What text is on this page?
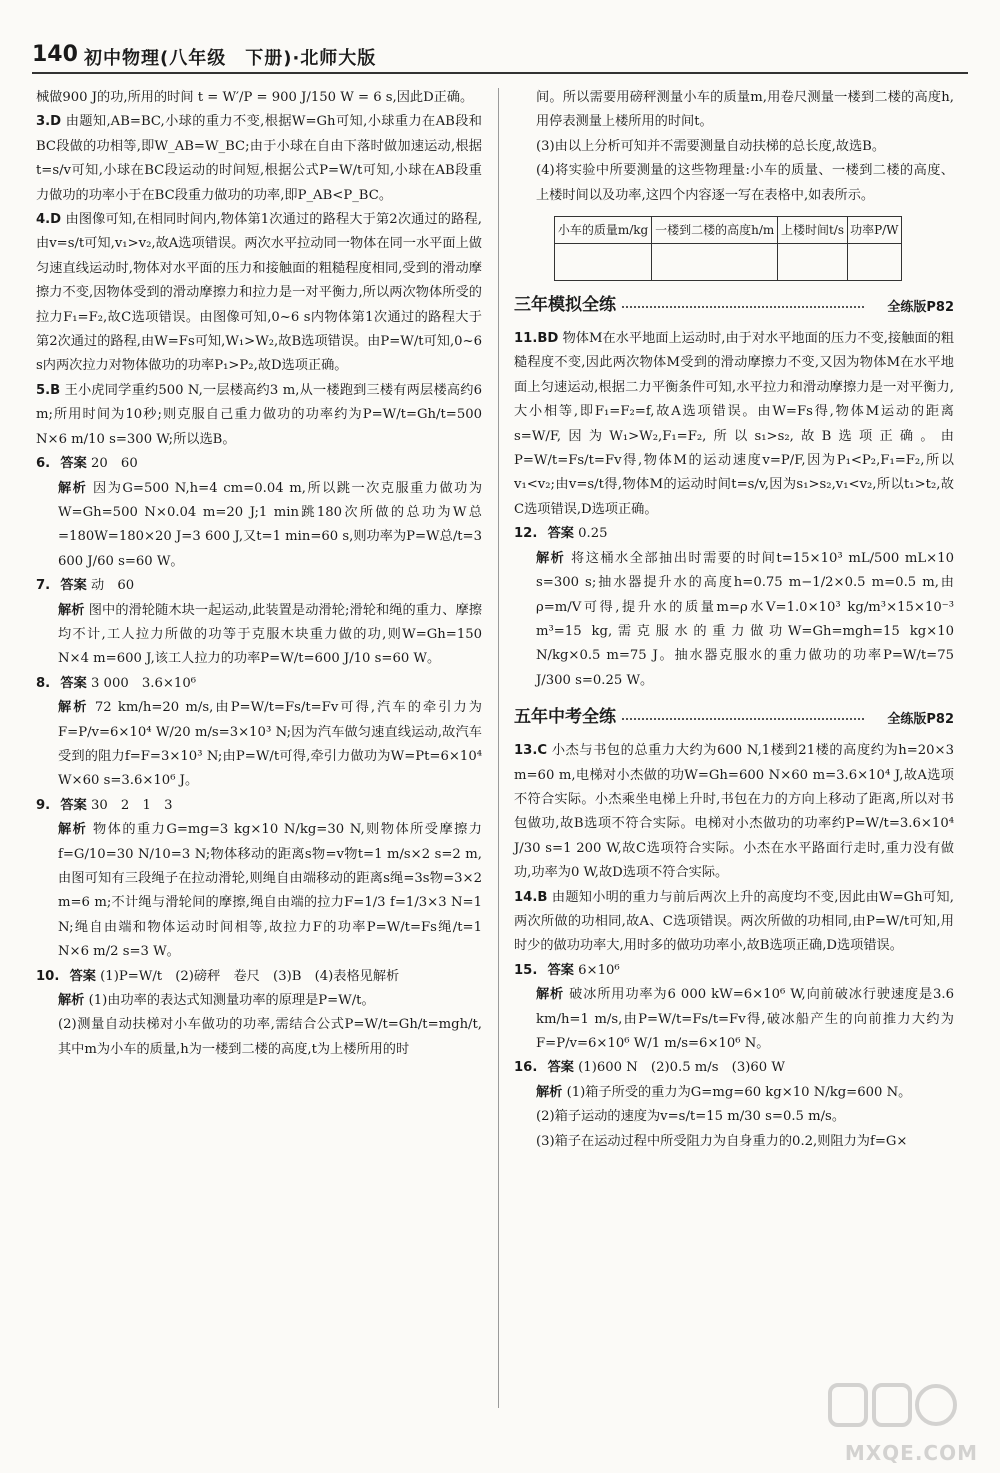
140 初中物理(八年级　下册)·北师大版

械做900 J的功,所用的时间 t = W′/P = 900 J/150 W = 6 s,因此D正确。

3.D 由题知,AB=BC,小球的重力不变,根据W=Gh可知,小球重力在AB段和BC段做的功相等,即W_AB=W_BC;由于小球在自由下落时做加速运动,根据t=s/v可知,小球在BC段运动的时间短,根据公式P=W/t可知,小球在AB段重力做功的功率小于在BC段重力做功的功率,即P_AB<P_BC。

4.D 由图像可知,在相同时间内,物体第1次通过的路程大于第2次通过的路程,由v=s/t可知,v₁>v₂,故A选项错误。两次水平拉动同一物体在同一水平面上做匀速直线运动时,物体对水平面的压力和接触面的粗糙程度相同,受到的滑动摩擦力不变,因物体受到的滑动摩擦力和拉力是一对平衡力,所以两次物体所受的拉力F₁=F₂,故C选项错误。由图像可知,0~6 s内物体第1次通过的路程大于第2次通过的路程,由W=Fs可知,W₁>W₂,故B选项错误。由P=W/t可知,0~6 s内两次拉力对物体做功的功率P₁>P₂,故D选项正确。

5.B 王小虎同学重约500 N,一层楼高约3 m,从一楼跑到三楼有两层楼高约6 m;所用时间为10秒;则克服自己重力做功的功率约为P=W/t=Gh/t=500 N×6 m/10 s=300 W;所以选B。

6. 答案 20　60

解析 因为G=500 N,h=4 cm=0.04 m,所以跳一次克服重力做功为W=Gh=500 N×0.04 m=20 J;1 min跳180次所做的总功为W总=180W=180×20 J=3 600 J,又t=1 min=60 s,则功率为P=W总/t=3 600 J/60 s=60 W。

7. 答案 动　60

解析 图中的滑轮随木块一起运动,此装置是动滑轮;滑轮和绳的重力、摩擦均不计,工人拉力所做的功等于克服木块重力做的功,则W=Gh=150 N×4 m=600 J,该工人拉力的功率P=W/t=600 J/10 s=60 W。

8. 答案 3 000　3.6×10⁶

解析 72 km/h=20 m/s,由P=W/t=Fs/t=Fv可得,汽车的牵引力为F=P/v=6×10⁴ W/20 m/s=3×10³ N;因为汽车做匀速直线运动,故汽车受到的阻力f=F=3×10³ N;由P=W/t可得,牵引力做功为W=Pt=6×10⁴ W×60 s=3.6×10⁶ J。

9. 答案 30　2　1　3

解析 物体的重力G=mg=3 kg×10 N/kg=30 N,则物体所受摩擦力f=G/10=30 N/10=3 N;物体移动的距离s物=v物t=1 m/s×2 s=2 m,由图可知有三段绳子在拉动滑轮,则绳自由端移动的距离s绳=3s物=3×2 m=6 m;不计绳与滑轮间的摩擦,绳自由端的拉力F=1/3 f=1/3×3 N=1 N;绳自由端和物体运动时间相等,故拉力F的功率P=W/t=Fs绳/t=1 N×6 m/2 s=3 W。

10. 答案 (1)P=W/t　(2)磅秤　卷尺　(3)B　(4)表格见解析

解析 (1)由功率的表达式知测量功率的原理是P=W/t。

(2)测量自动扶梯对小车做功的功率,需结合公式P=W/t=Gh/t=mgh/t,其中m为小车的质量,h为一楼到二楼的高度,t为上楼所用的时

间。所以需要用磅秤测量小车的质量m,用卷尺测量一楼到二楼的高度h,用停表测量上楼所用的时间t。

(3)由以上分析可知并不需要测量自动扶梯的总长度,故选B。

(4)将实验中所要测量的这些物理量:小车的质量、一楼到二楼的高度、上楼时间以及功率,这四个内容逐一写在表格中,如表所示。

小车的质量m/kg	一楼到二楼的高度h/m	上楼时间t/s	功率P/W

三年模拟全练	全练版P82

11.BD 物体M在水平地面上运动时,由于对水平地面的压力不变,接触面的粗糙程度不变,因此两次物体M受到的滑动摩擦力不变,又因为物体M在水平地面上匀速运动,根据二力平衡条件可知,水平拉力和滑动摩擦力是一对平衡力,大小相等,即F₁=F₂=f,故A选项错误。由W=Fs得,物体M运动的距离s=W/F,因为W₁>W₂,F₁=F₂,所以s₁>s₂,故B选项正确。由P=W/t=Fs/t=Fv得,物体M的运动速度v=P/F,因为P₁<P₂,F₁=F₂,所以v₁<v₂;由v=s/t得,物体M的运动时间t=s/v,因为s₁>s₂,v₁<v₂,所以t₁>t₂,故C选项错误,D选项正确。

12. 答案 0.25

解析 将这桶水全部抽出时需要的时间t=15×10³ mL/500 mL×10 s=300 s;抽水器提升水的高度h=0.75 m−1/2×0.5 m=0.5 m,由ρ=m/V可得,提升水的质量m=ρ水V=1.0×10³ kg/m³×15×10⁻³ m³=15 kg,需克服水的重力做功W=Gh=mgh=15 kg×10 N/kg×0.5 m=75 J。抽水器克服水的重力做功的功率P=W/t=75 J/300 s=0.25 W。

五年中考全练	全练版P82

13.C 小杰与书包的总重力大约为600 N,1楼到21楼的高度约为h=20×3 m=60 m,电梯对小杰做的功W=Gh=600 N×60 m=3.6×10⁴ J,故A选项不符合实际。小杰乘坐电梯上升时,书包在力的方向上移动了距离,所以对书包做功,故B选项不符合实际。电梯对小杰做功的功率约P=W/t=3.6×10⁴ J/30 s=1 200 W,故C选项符合实际。小杰在水平路面行走时,重力没有做功,功率为0 W,故D选项不符合实际。

14.B 由题知小明的重力与前后两次上升的高度均不变,因此由W=Gh可知,两次所做的功相同,故A、C选项错误。两次所做的功相同,由P=W/t可知,用时少的做功功率大,用时多的做功功率小,故B选项正确,D选项错误。

15. 答案 6×10⁶

解析 破冰所用功率为6 000 kW=6×10⁶ W,向前破冰行驶速度是3.6 km/h=1 m/s,由P=W/t=Fs/t=Fv得,破冰船产生的向前推力大约为F=P/v=6×10⁶ W/1 m/s=6×10⁶ N。

16. 答案 (1)600 N　(2)0.5 m/s　(3)60 W

解析 (1)箱子所受的重力为G=mg=60 kg×10 N/kg=600 N。

(2)箱子运动的速度为v=s/t=15 m/30 s=0.5 m/s。

(3)箱子在运动过程中所受阻力为自身重力的0.2,则阻力为f=G×

MXQE.COM
